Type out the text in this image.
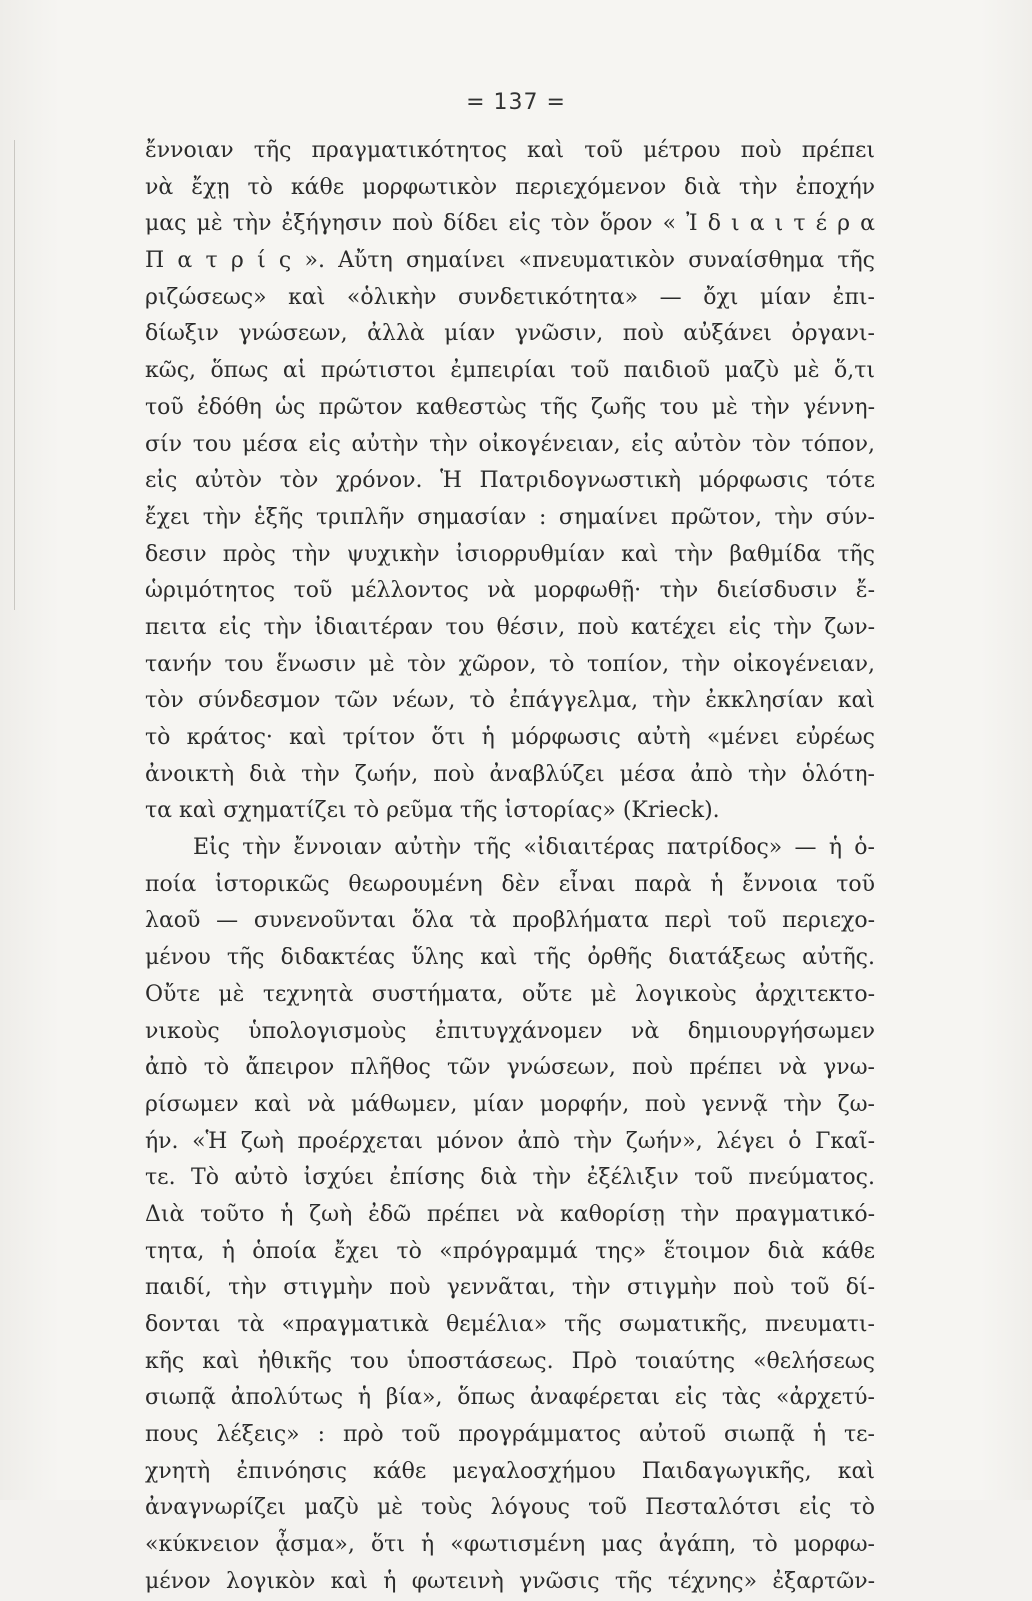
= 137 =
ἔννοιαν τῆς πραγματικότητος καὶ τοῦ μέτρου ποὺ πρέπει
νὰ ἔχῃ τὸ κάθε μορφωτικὸν περιεχόμενον διὰ τὴν ἐποχήν
μας μὲ τὴν ἐξήγησιν ποὺ δίδει εἰς τὸν ὅρον « Ἰ δ ι α ι τ έ ρ α
Π α τ ρ ί ς ». Αὔτη σημαίνει «πνευματικὸν συναίσθημα τῆς
ριζώσεως» καὶ «ὁλικὴν συνδετικότητα» — ὄχι μίαν ἐπι-
δίωξιν γνώσεων, ἀλλὰ μίαν γνῶσιν, ποὺ αὐξάνει ὀργανι-
κῶς, ὅπως αἱ πρώτιστοι ἐμπειρίαι τοῦ παιδιοῦ μαζὺ μὲ ὅ,τι
τοῦ ἐδόθη ὡς πρῶτον καθεστὼς τῆς ζωῆς του μὲ τὴν γέννη-
σίν του μέσα εἰς αὐτὴν τὴν οἰκογένειαν, εἰς αὐτὸν τὸν τόπον,
εἰς αὐτὸν τὸν χρόνον. Ἡ Πατριδογνωστικὴ μόρφωσις τότε
ἔχει τὴν ἑξῆς τριπλῆν σημασίαν : σημαίνει πρῶτον, τὴν σύν-
δεσιν πρὸς τὴν ψυχικὴν ἰσιορρυθμίαν καὶ τὴν βαθμίδα τῆς
ὡριμότητος τοῦ μέλλοντος νὰ μορφωθῇ· τὴν διείσδυσιν ἔ-
πειτα εἰς τὴν ἰδιαιτέραν του θέσιν, ποὺ κατέχει εἰς τὴν ζων-
τανήν του ἕνωσιν μὲ τὸν χῶρον, τὸ τοπίον, τὴν οἰκογένειαν,
τὸν σύνδεσμον τῶν νέων, τὸ ἐπάγγελμα, τὴν ἐκκλησίαν καὶ
τὸ κράτος· καὶ τρίτον ὅτι ἡ μόρφωσις αὐτὴ «μένει εὐρέως
ἀνοικτὴ διὰ τὴν ζωήν, ποὺ ἀναβλύζει μέσα ἀπὸ τὴν ὁλότη-
τα καὶ σχηματίζει τὸ ρεῦμα τῆς ἱστορίας» (Krieck).
Εἰς τὴν ἔννοιαν αὐτὴν τῆς «ἰδιαιτέρας πατρίδος» — ἡ ὁ-
ποία ἱστορικῶς θεωρουμένη δὲν εἶναι παρὰ ἡ ἔννοια τοῦ
λαοῦ — συνενοῦνται ὅλα τὰ προβλήματα περὶ τοῦ περιεχο-
μένου τῆς διδακτέας ὕλης καὶ τῆς ὀρθῆς διατάξεως αὐτῆς.
Οὔτε μὲ τεχνητὰ συστήματα, οὔτε μὲ λογικοὺς ἀρχιτεκτο-
νικοὺς ὑπολογισμοὺς ἐπιτυγχάνομεν νὰ δημιουργήσωμεν
ἀπὸ τὸ ἄπειρον πλῆθος τῶν γνώσεων, ποὺ πρέπει νὰ γνω-
ρίσωμεν καὶ νὰ μάθωμεν, μίαν μορφήν, ποὺ γεννᾷ τὴν ζω-
ήν. «Ἡ ζωὴ προέρχεται μόνον ἀπὸ τὴν ζωήν», λέγει ὁ Γκαῖ-
τε. Τὸ αὐτὸ ἰσχύει ἐπίσης διὰ τὴν ἐξέλιξιν τοῦ πνεύματος.
Διὰ τοῦτο ἡ ζωὴ ἐδῶ πρέπει νὰ καθορίσῃ τὴν πραγματικό-
τητα, ἡ ὁποία ἔχει τὸ «πρόγραμμά της» ἕτοιμον διὰ κάθε
παιδί, τὴν στιγμὴν ποὺ γεννᾶται, τὴν στιγμὴν ποὺ τοῦ δί-
δονται τὰ «πραγματικὰ θεμέλια» τῆς σωματικῆς, πνευματι-
κῆς καὶ ἠθικῆς του ὑποστάσεως. Πρὸ τοιαύτης «θελήσεως
σιωπᾷ ἀπολύτως ἡ βία», ὅπως ἀναφέρεται εἰς τὰς «ἀρχετύ-
πους λέξεις» : πρὸ τοῦ προγράμματος αὐτοῦ σιωπᾷ ἡ τε-
χνητὴ ἐπινόησις κάθε μεγαλοσχήμου Παιδαγωγικῆς, καὶ
ἀναγνωρίζει μαζὺ μὲ τοὺς λόγους τοῦ Πεσταλότσι εἰς τὸ
«κύκνειον ᾆσμα», ὅτι ἡ «φωτισμένη μας ἀγάπη, τὸ μορφω-
μένον λογικὸν καὶ ἡ φωτεινὴ γνῶσις τῆς τέχνης» ἐξαρτῶν-
